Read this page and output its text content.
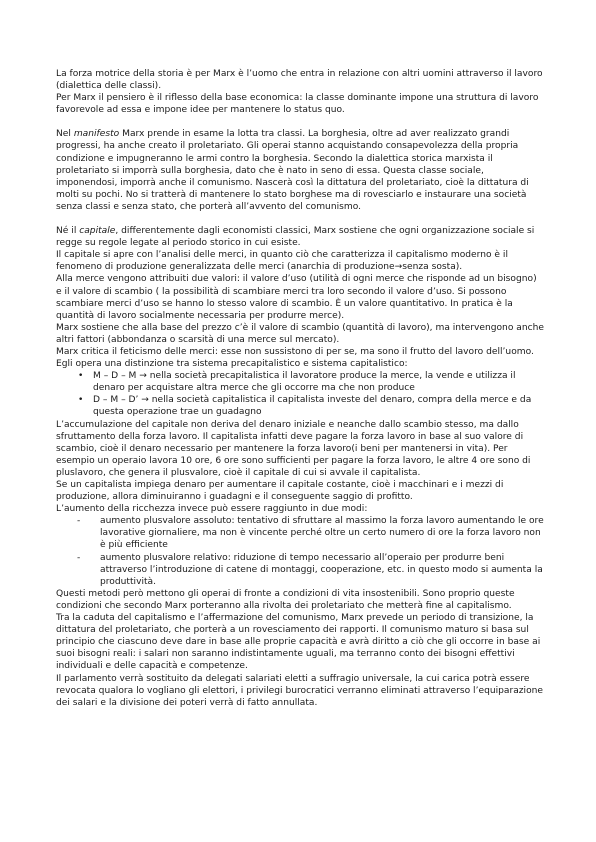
La forza motrice della storia è per Marx è l’uomo che entra in relazione con altri uomini attraverso il lavoro (dialettica delle classi).

Per Marx il pensiero è il riflesso della base economica: la classe dominante impone una struttura di lavoro favorevole ad essa e impone idee per mantenere lo status quo.

Nel manifesto Marx prende in esame la lotta tra classi. La borghesia, oltre ad aver realizzato grandi progressi, ha anche creato il proletariato. Gli operai stanno acquistando consapevolezza della propria condizione e impugneranno le armi contro la borghesia. Secondo la dialettica storica marxista il proletariato si imporrà sulla borghesia, dato che è nato in seno di essa. Questa classe sociale, imponendosi, imporrà anche il comunismo. Nascerà così la dittatura del proletariato, cioè la dittatura di molti su pochi. No si tratterà di mantenere lo stato borghese ma di rovesciarlo e instaurare una società senza classi e senza stato, che porterà all’avvento del comunismo.

Né il capitale, differentemente dagli economisti classici, Marx sostiene che ogni organizzazione sociale si regge su regole legate al periodo storico in cui esiste.

Il capitale si apre con l’analisi delle merci, in quanto ciò che caratterizza il capitalismo moderno è il fenomeno di produzione generalizzata delle merci (anarchia di produzione→senza sosta).

Alla merce vengono attribuiti due valori: il valore d’uso (utilità di ogni merce che risponde ad un bisogno) e il valore di scambio ( la possibilità di scambiare merci tra loro secondo il valore d’uso. Si possono scambiare merci d’uso se hanno lo stesso valore di scambio. È un valore quantitativo. In pratica è la quantità di lavoro socialmente necessaria per produrre merce).

Marx sostiene che alla base del prezzo c’è il valore di scambio (quantità di lavoro), ma intervengono anche altri fattori (abbondanza o scarsità di una merce sul mercato).

Marx critica il feticismo delle merci: esse non sussistono di per se, ma sono il frutto del lavoro dell’uomo.

Egli opera una distinzione tra sistema precapitalistico e sistema capitalistico:

• M – D – M → nella società precapitalistica il lavoratore produce la merce, la vende e utilizza il denaro per acquistare altra merce che gli occorre ma che non produce
• D – M – D’ → nella società capitalistica il capitalista investe del denaro, compra della merce e da questa operazione trae un guadagno

L’accumulazione del capitale non deriva del denaro iniziale e neanche dallo scambio stesso, ma dallo sfruttamento della forza lavoro. Il capitalista infatti deve pagare la forza lavoro in base al suo valore di scambio, cioè il denaro necessario per mantenere la forza lavoro(i beni per mantenersi in vita). Per esempio un operaio lavora 10 ore, 6 ore sono sufficienti per pagare la forza lavoro, le altre 4 ore sono di pluslavoro, che genera il plusvalore, cioè il capitale di cui si avvale il capitalista.

Se un capitalista impiega denaro per aumentare il capitale costante, cioè i macchinari e i mezzi di produzione, allora diminuiranno i guadagni e il conseguente saggio di profitto.

L’aumento della ricchezza invece può essere raggiunto in due modi:

- aumento plusvalore assoluto: tentativo di sfruttare al massimo la forza lavoro aumentando le ore lavorative giornaliere, ma non è vincente perché oltre un certo numero di ore la forza lavoro non è più efficiente
- aumento plusvalore relativo: riduzione di tempo necessario all’operaio per produrre beni attraverso l’introduzione di catene di montaggi, cooperazione, etc. in questo modo si aumenta la produttività.

Questi metodi però mettono gli operai di fronte a condizioni di vita insostenibili. Sono proprio queste condizioni che secondo Marx porteranno alla rivolta dei proletariato che metterà fine al capitalismo.

Tra la caduta del capitalismo e l’affermazione del comunismo, Marx prevede un periodo di transizione, la dittatura del proletariato, che porterà a un rovesciamento dei rapporti. Il comunismo maturo si basa sul principio che ciascuno deve dare in base alle proprie capacità e avrà diritto a ciò che gli occorre in base ai suoi bisogni reali: i salari non saranno indistintamente uguali, ma terranno conto dei bisogni effettivi individuali e delle capacità e competenze.

Il parlamento verrà sostituito da delegati salariati eletti a suffragio universale, la cui carica potrà essere revocata qualora lo vogliano gli elettori, i privilegi burocratici verranno eliminati attraverso l’equiparazione dei salari e la divisione dei poteri verrà di fatto annullata.
